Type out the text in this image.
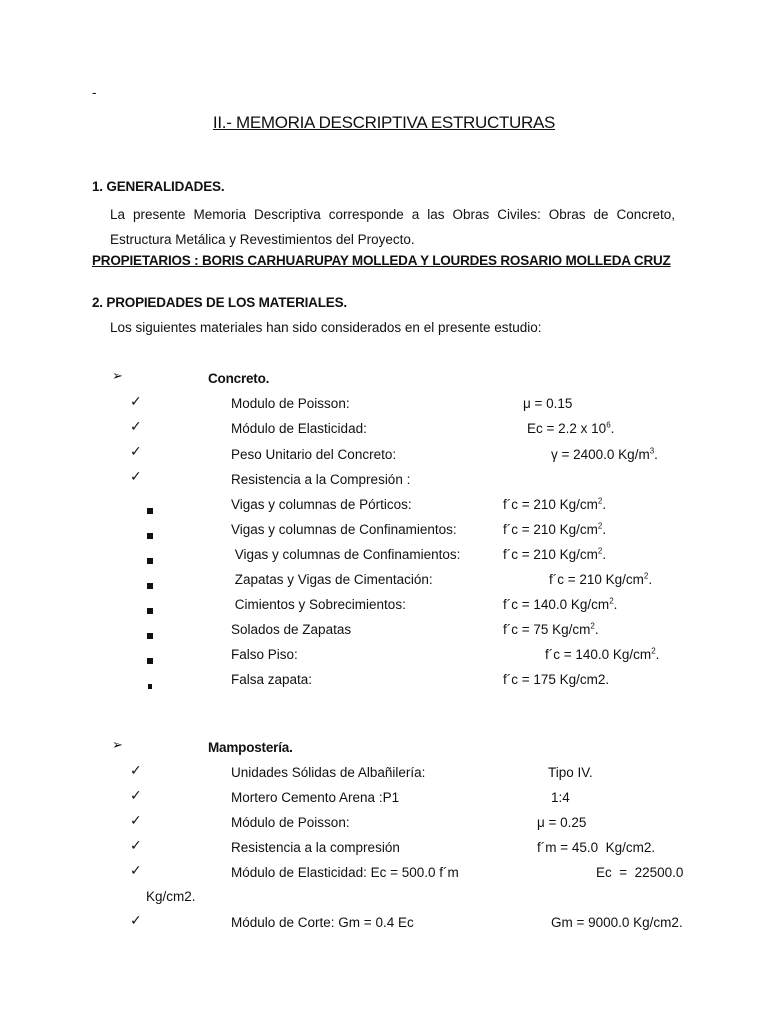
-
II.- MEMORIA DESCRIPTIVA ESTRUCTURAS
1. GENERALIDADES.
La presente Memoria Descriptiva corresponde a las Obras Civiles: Obras de Concreto, Estructura Metálica y Revestimientos del Proyecto.
PROPIETARIOS : BORIS CARHUARUPAY MOLLEDA Y LOURDES ROSARIO MOLLEDA CRUZ
2. PROPIEDADES DE LOS MATERIALES.
Los siguientes materiales han sido considerados en el presente estudio:
➢	Concreto.
✓	Modulo de Poisson:	μ = 0.15
✓	Módulo de Elasticidad:	Ec = 2.2 x $10^6$.
✓	Peso Unitario del Concreto:	γ = 2400.0 $Kg/m^3$.
✓	Resistencia a la Compresión :
Vigas y columnas de Pórticos:	f´c = 210 $Kg/cm^2$.
Vigas y columnas de Confinamientos:	f´c = 210 $Kg/cm^2$.
Vigas y columnas de Confinamientos:	f´c = 210 $Kg/cm^2$.
Zapatas y Vigas de Cimentación:	f´c = 210 $Kg/cm^2$.
Cimientos y Sobrecimientos:	f´c = 140.0 $Kg/cm^2$.
Solados de Zapatas	f´c = 75 $Kg/cm^2$.
Falso Piso:	f´c = 140.0 $Kg/cm^2$.
Falsa zapata:	f´c = 175 Kg/cm2.
➢	Mampostería.
✓	Unidades Sólidas de Albañilería:	Tipo IV.
✓	Mortero Cemento Arena :P1	1:4
✓	Módulo de Poisson:	μ = 0.25
✓	Resistencia a la compresión	f´m = 45.0  Kg/cm2.
✓	Módulo de Elasticidad: Ec = 500.0 f´m	Ec  =  22500.0
Kg/cm2.
✓	Módulo de Corte: Gm = 0.4 Ec	Gm = 9000.0 Kg/cm2.
